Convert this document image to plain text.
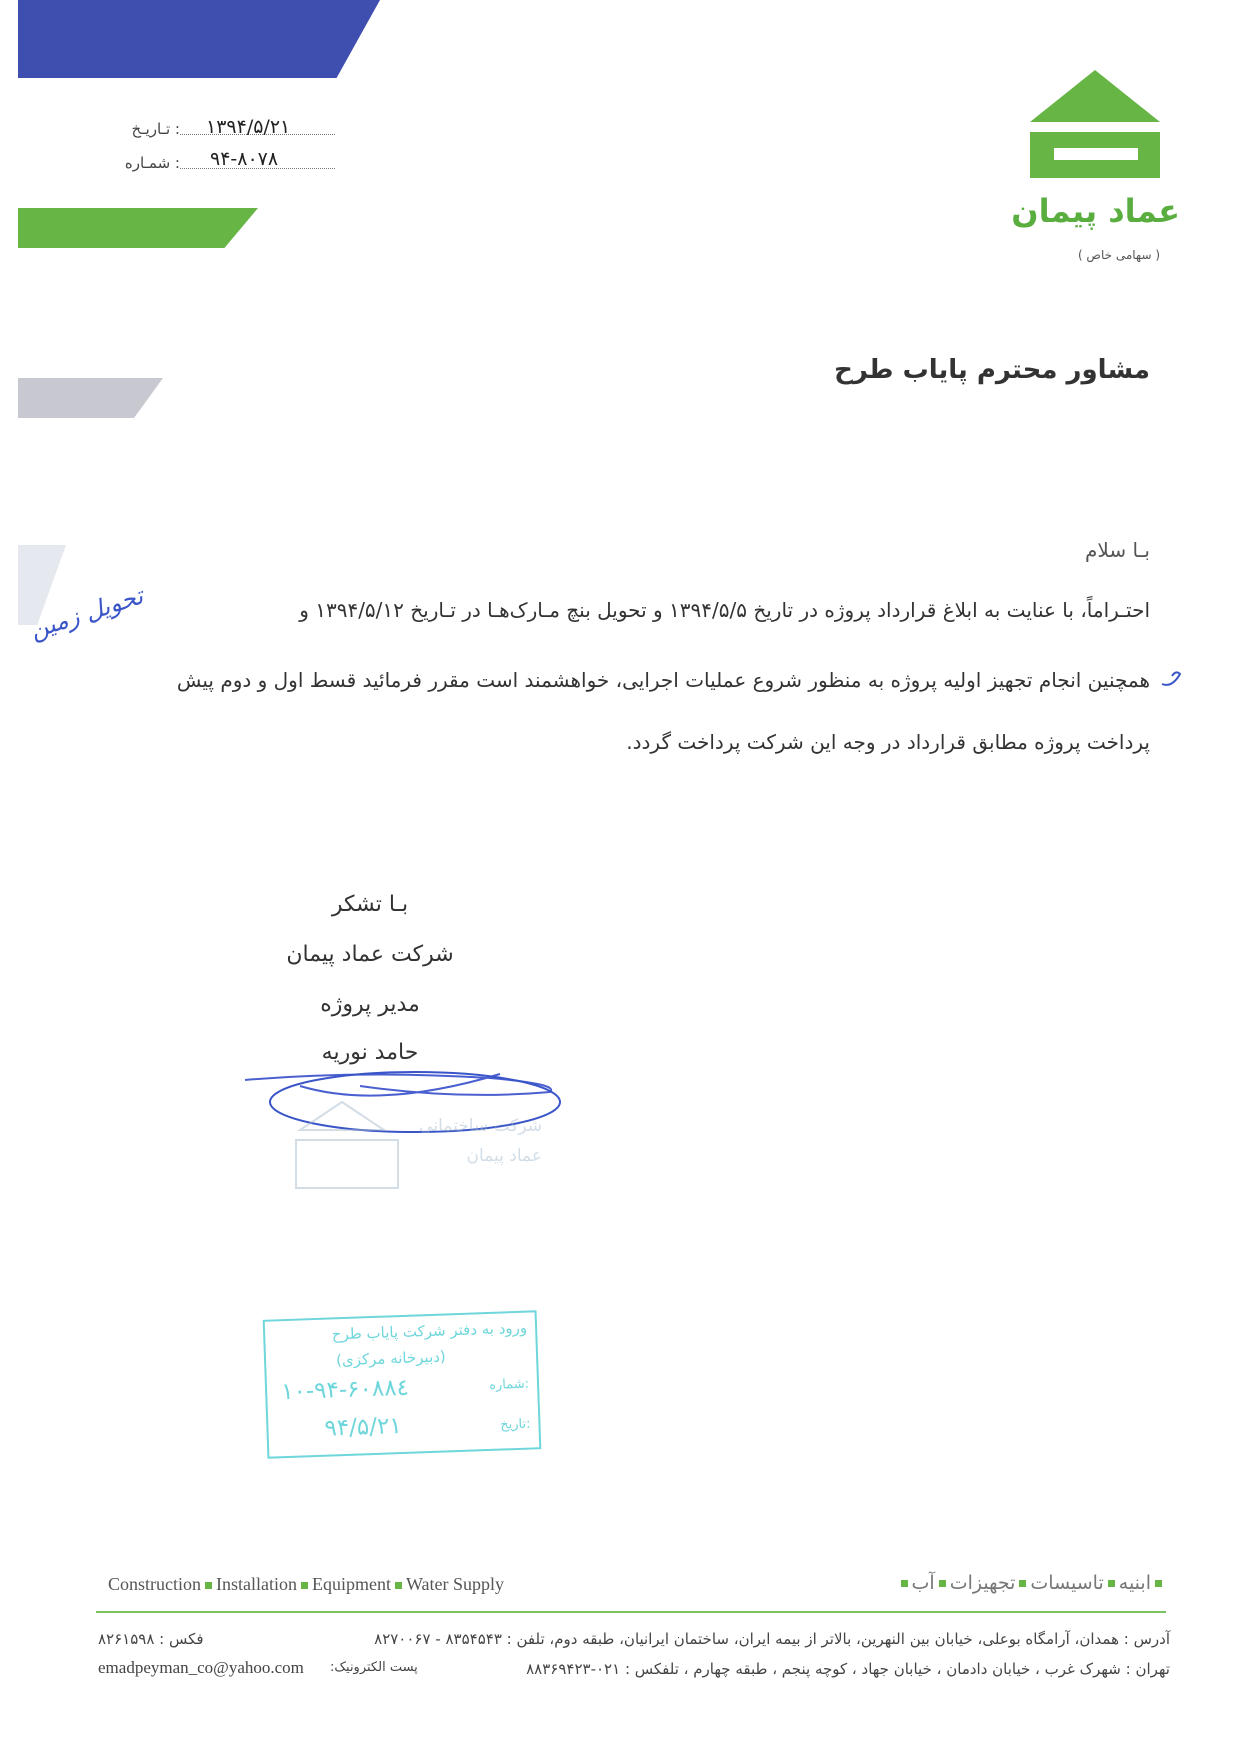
۱۳۹۴/۵/۲۱
: تـاریـخ
۹۴-۸۰۷۸
: شمـاره
عماد پیمان
( سهامی خاص )
مشاور محترم پایاب طرح
بـا سلام
احتـراماً، با عنایت به ابلاغ قرارداد پروژه در تاریخ ۱۳۹۴/۵/۵ و تحویل بنچ مـارک‌هـا در تـاریخ ۱۳۹۴/۵/۱۲ و
همچنین انجام تجهیز اولیه پروژه به منظور شروع عملیات اجرایی، خواهشمند است مقرر فرمائید قسط اول و دوم پیش
پرداخت پروژه مطابق قرارداد در وجه این شرکت پرداخت گردد.
تحویل زمین
بـا تشکر
شرکت عماد پیمان
مدیر پروژه
حامد نوریه
شرکت ساختمانی
عماد پیمان
ورود به دفتر شرکت پایاب طرح
(دبیرخانه مرکزی)
شماره:
۱۰-۹۴-۶۰۸۸٤
تاریخ:
۹۴/۵/۲۱
Construction Installation Equipment Water Supply	ابنیهتاسیساتتجهیزاتآب
آدرس : همدان، آرامگاه بوعلی، خیابان بین النهرین، بالاتر از بیمه ایران، ساختمان ایرانیان، طبقه دوم، تلفن : ۸۳۵۴۵۴۳ - ۸۲۷۰۰۶۷
فکس : ۸۲۶۱۵۹۸
تهران : شهرک غرب ، خیابان دادمان ، خیابان جهاد ، کوچه پنجم ، طبقه چهارم ، تلفکس : ۰۲۱-۸۸۳۶۹۴۲۳
پست الکترونیک:
emadpeyman_co@yahoo.com
